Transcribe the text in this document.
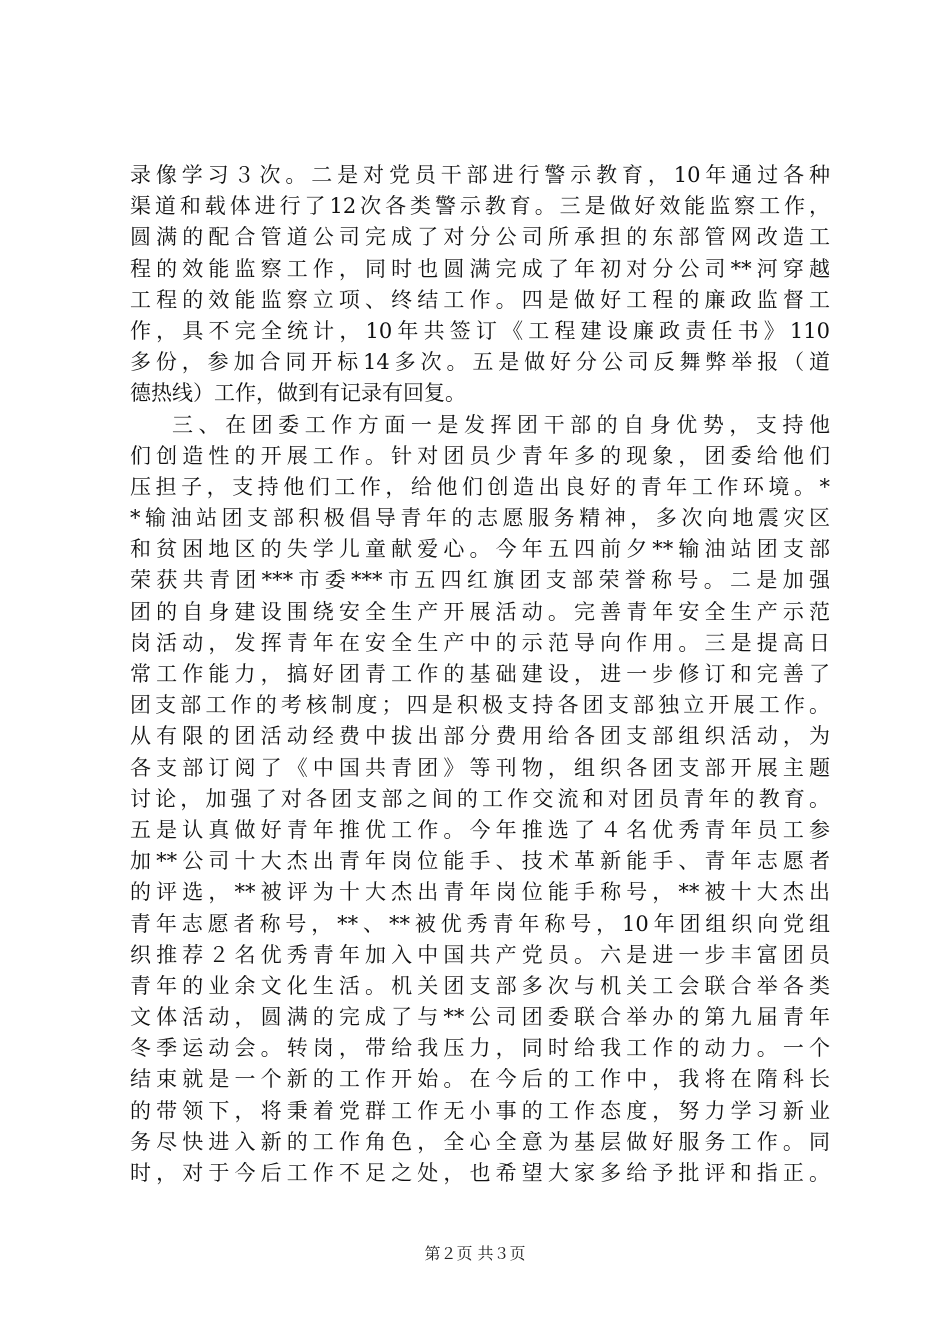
录像学习３次。二是对党员干部进行警示教育，10年通过各种
渠道和载体进行了12次各类警示教育。三是做好效能监察工作，
圆满的配合管道公司完成了对分公司所承担的东部管网改造工
程的效能监察工作，同时也圆满完成了年初对分公司**河穿越
工程的效能监察立项、终结工作。四是做好工程的廉政监督工
作，具不完全统计，10年共签订《工程建设廉政责任书》110
多份，参加合同开标14多次。五是做好分公司反舞弊举报（道
德热线）工作，做到有记录有回复。
三、在团委工作方面一是发挥团干部的自身优势，支持他
们创造性的开展工作。针对团员少青年多的现象，团委给他们
压担子，支持他们工作，给他们创造出良好的青年工作环境。*
*输油站团支部积极倡导青年的志愿服务精神，多次向地震灾区
和贫困地区的失学儿童献爱心。今年五四前夕**输油站团支部
荣获共青团***市委***市五四红旗团支部荣誉称号。二是加强
团的自身建设围绕安全生产开展活动。完善青年安全生产示范
岗活动，发挥青年在安全生产中的示范导向作用。三是提高日
常工作能力，搞好团青工作的基础建设，进一步修订和完善了
团支部工作的考核制度；四是积极支持各团支部独立开展工作。
从有限的团活动经费中拔出部分费用给各团支部组织活动，为
各支部订阅了《中国共青团》等刊物，组织各团支部开展主题
讨论，加强了对各团支部之间的工作交流和对团员青年的教育。
五是认真做好青年推优工作。今年推选了４名优秀青年员工参
加**公司十大杰出青年岗位能手、技术革新能手、青年志愿者
的评选，**被评为十大杰出青年岗位能手称号，**被十大杰出
青年志愿者称号，**、**被优秀青年称号，10年团组织向党组
织推荐２名优秀青年加入中国共产党员。六是进一步丰富团员
青年的业余文化生活。机关团支部多次与机关工会联合举各类
文体活动，圆满的完成了与**公司团委联合举办的第九届青年
冬季运动会。转岗，带给我压力，同时给我工作的动力。一个
结束就是一个新的工作开始。在今后的工作中，我将在隋科长
的带领下，将秉着党群工作无小事的工作态度，努力学习新业
务尽快进入新的工作角色，全心全意为基层做好服务工作。同
时，对于今后工作不足之处，也希望大家多给予批评和指正。
第２页 共３页
